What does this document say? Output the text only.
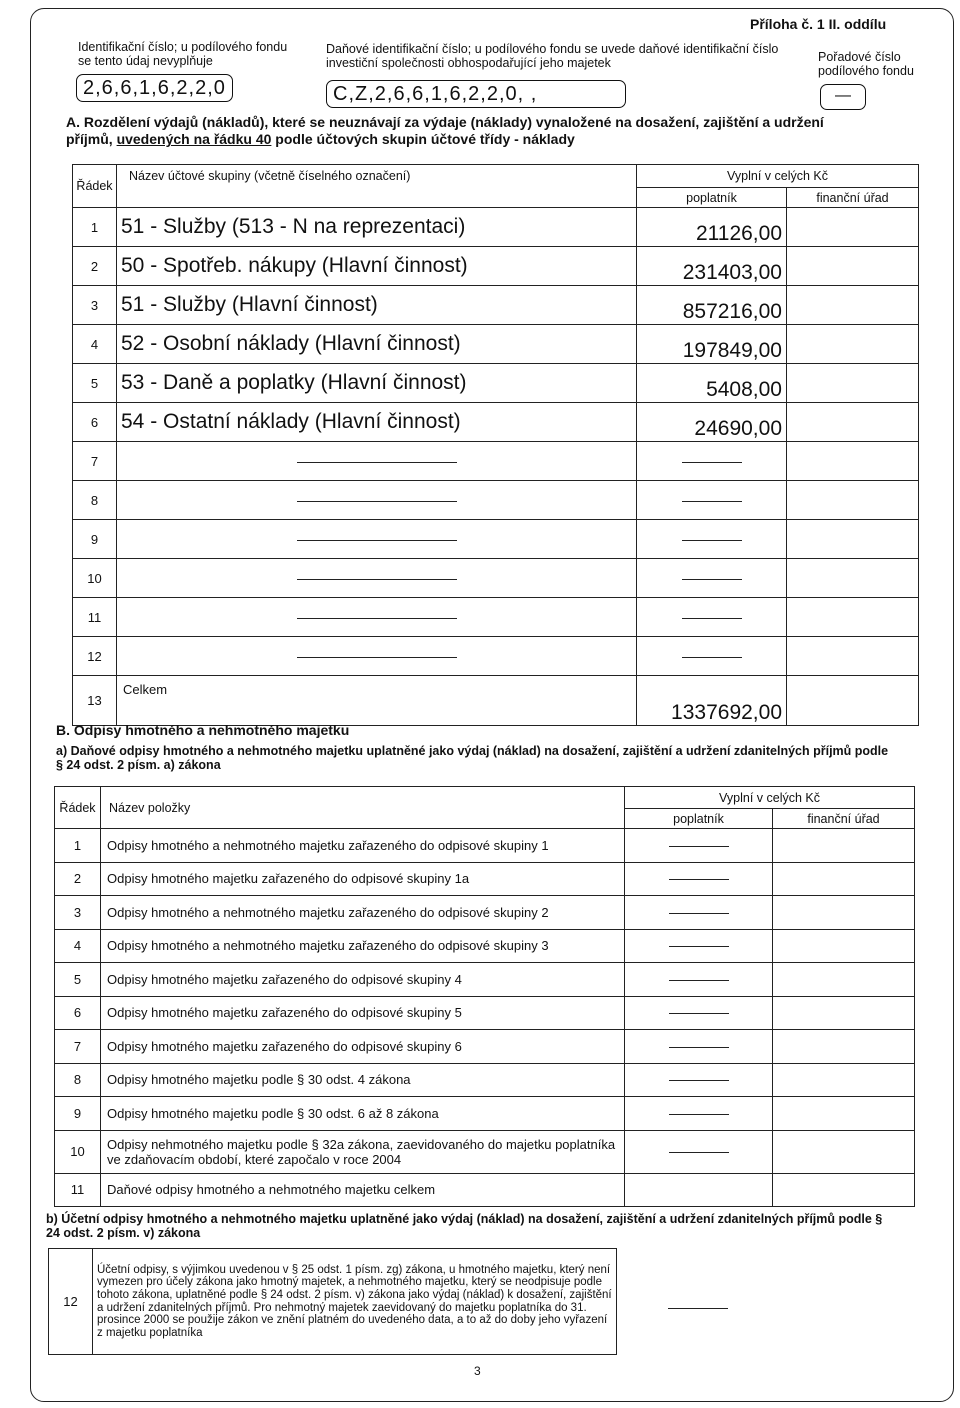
Příloha č. 1 II. oddílu
Identifikační číslo; u podílového fondu se tento údaj nevyplňuje
2,6,6,1,6,2,2,0
Daňové identifikační číslo; u podílového fondu se uvede daňové identifikační číslo investiční společnosti obhospodařující jeho majetek
C,Z,2,6,6,1,6,2,2,0, ,
Pořadové číslo podílového fondu
—
A. Rozdělení výdajů (nákladů), které se neuznávají za výdaje (náklady) vynaložené na dosažení, zajištění a udržení příjmů, uvedených na řádku 40 podle účtových skupin účtové třídy - náklady
Řádek	Název účtové skupiny (včetně číselného označení)	Vyplní v celých Kč	
		poplatník	finanční úřad
1	51 - Služby (513 - N na reprezentaci)	21126,00	
2	50 - Spotřeb. nákupy (Hlavní činnost)	231403,00	
3	51 - Služby (Hlavní činnost)	857216,00	
4	52 - Osobní náklady (Hlavní činnost)	197849,00	
5	53 - Daně a poplatky (Hlavní činnost)	5408,00	
6	54 - Ostatní náklady (Hlavní činnost)	24690,00	
7			
8			
9			
10			
11			
12			
13	Celkem	1337692,00	
B. Odpisy hmotného a nehmotného majetku
a) Daňové odpisy hmotného a nehmotného majetku uplatněné jako výdaj (náklad) na dosažení, zajištění a udržení zdanitelných příjmů podle § 24 odst. 2 písm. a) zákona
Řádek	Název položky	Vyplní v celých Kč	
		poplatník	finanční úřad
1	Odpisy hmotného a nehmotného majetku zařazeného do odpisové skupiny 1		
2	Odpisy hmotného majetku zařazeného do odpisové skupiny 1a		
3	Odpisy hmotného a nehmotného majetku zařazeného do odpisové skupiny 2		
4	Odpisy hmotného a nehmotného majetku zařazeného do odpisové skupiny 3		
5	Odpisy hmotného majetku zařazeného do odpisové skupiny 4		
6	Odpisy hmotného majetku zařazeného do odpisové skupiny 5		
7	Odpisy hmotného majetku zařazeného do odpisové skupiny 6		
8	Odpisy hmotného majetku podle § 30 odst. 4 zákona		
9	Odpisy hmotného majetku podle § 30 odst. 6 až 8 zákona		
10	Odpisy nehmotného majetku podle § 32a zákona, zaevidovaného do majetku poplatníka ve zdaňovacím období, které započalo v roce 2004		
11	Daňové odpisy hmotného a nehmotného majetku celkem		
b) Účetní odpisy hmotného a nehmotného majetku uplatněné jako výdaj (náklad) na dosažení, zajištění a udržení zdanitelných příjmů podle § 24 odst. 2 písm. v) zákona
12	Účetní odpisy, s výjimkou uvedenou v § 25 odst. 1 písm. zg) zákona, u hmotného majetku, který není vymezen pro účely zákona jako hmotný majetek, a nehmotného majetku, který se neodpisuje podle tohoto zákona, uplatněné podle § 24 odst. 2 písm. v) zákona jako výdaj (náklad) k dosažení, zajištění a udržení zdanitelných příjmů. Pro nehmotný majetek zaevidovaný do majetku poplatníka do 31. prosince 2000 se použije zákon ve znění platném do uvedeného data, a to až do doby jeho vyřazení z majetku poplatníka
3
